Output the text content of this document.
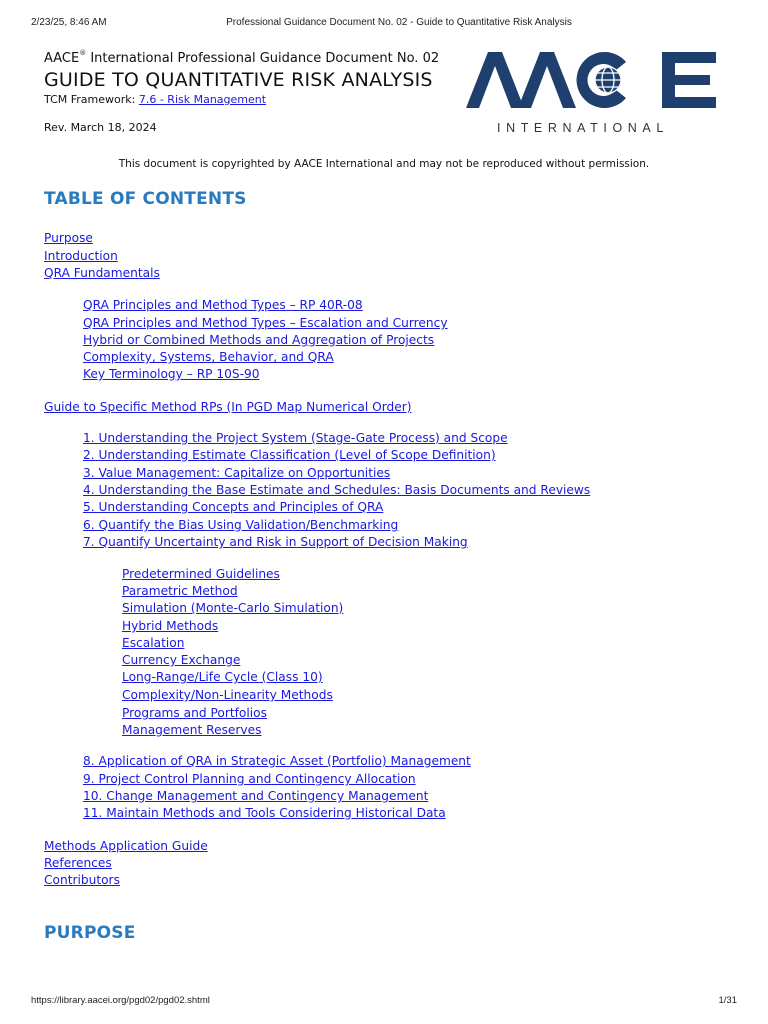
2/23/25, 8:46 AM	Professional Guidance Document No. 02 - Guide to Quantitative Risk Analysis
AACE® International Professional Guidance Document No. 02
GUIDE TO QUANTITATIVE RISK ANALYSIS
TCM Framework: 7.6 - Risk Management
Rev. March 18, 2024	INTERNATIONAL
This document is copyrighted by AACE International and may not be reproduced without permission.
TABLE OF CONTENTS
Purpose
Introduction
QRA Fundamentals
QRA Principles and Method Types – RP 40R-08
QRA Principles and Method Types – Escalation and Currency
Hybrid or Combined Methods and Aggregation of Projects
Complexity, Systems, Behavior, and QRA
Key Terminology – RP 10S-90
Guide to Specific Method RPs (In PGD Map Numerical Order)
1. Understanding the Project System (Stage-Gate Process) and Scope
2. Understanding Estimate Classification (Level of Scope Definition)
3. Value Management: Capitalize on Opportunities
4. Understanding the Base Estimate and Schedules: Basis Documents and Reviews
5. Understanding Concepts and Principles of QRA
6. Quantify the Bias Using Validation/Benchmarking
7. Quantify Uncertainty and Risk in Support of Decision Making
Predetermined Guidelines
Parametric Method
Simulation (Monte-Carlo Simulation)
Hybrid Methods
Escalation
Currency Exchange
Long-Range/Life Cycle (Class 10)
Complexity/Non-Linearity Methods
Programs and Portfolios
Management Reserves
8. Application of QRA in Strategic Asset (Portfolio) Management
9. Project Control Planning and Contingency Allocation
10. Change Management and Contingency Management
11. Maintain Methods and Tools Considering Historical Data
Methods Application Guide
References
Contributors
PURPOSE
https://library.aacei.org/pgd02/pgd02.shtml	1/31
